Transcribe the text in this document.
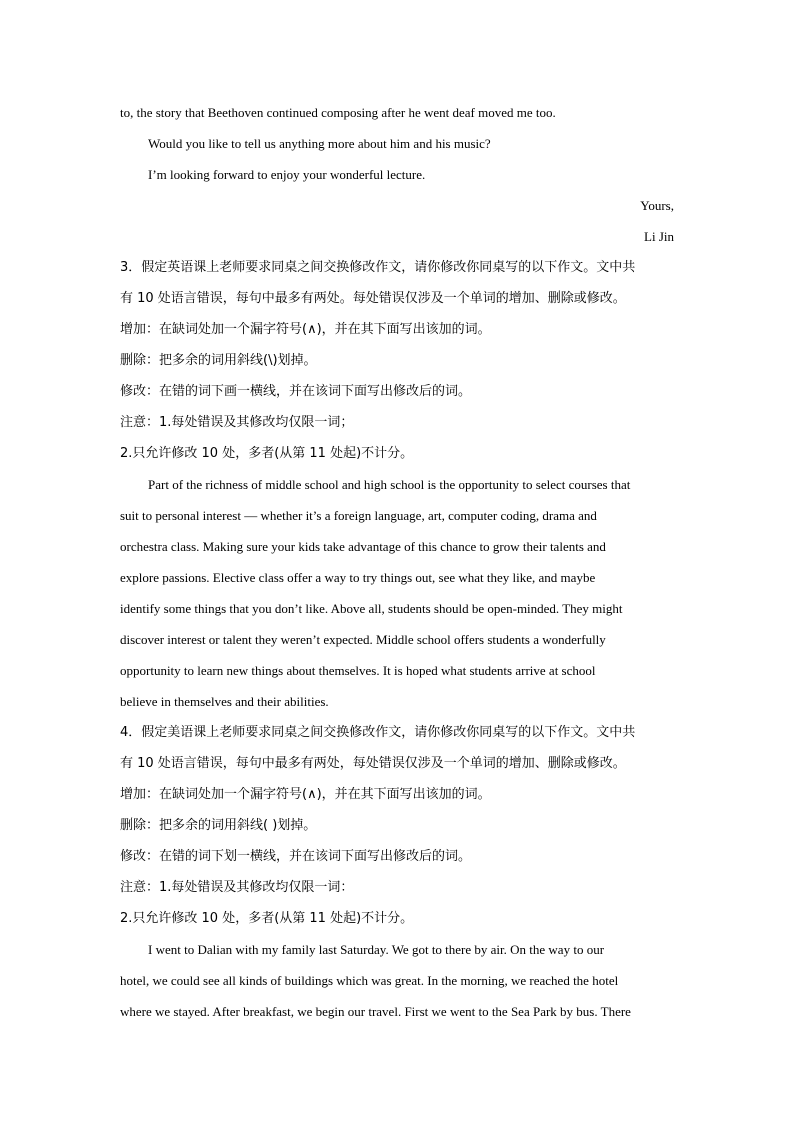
to, the story that Beethoven continued composing after he went deaf moved me too.
Would you like to tell us anything more about him and his music?
I’m looking forward to enjoy your wonderful lecture.
Yours,
Li Jin
3．假定英语课上老师要求同桌之间交换修改作文，请你修改你同桌写的以下作文。文中共
有 10 处语言错误，每句中最多有两处。每处错误仅涉及一个单词的增加、删除或修改。
增加：在缺词处加一个漏字符号(∧)，并在其下面写出该加的词。
删除：把多余的词用斜线(\)划掉。
修改：在错的词下画一横线，并在该词下面写出修改后的词。
注意：1.每处错误及其修改均仅限一词；
2.只允许修改 10 处，多者(从第 11 处起)不计分。
Part of the richness of middle school and high school is the opportunity to select courses that
suit to personal interest — whether it’s a foreign language, art, computer coding, drama and
orchestra class. Making sure your kids take advantage of this chance to grow their talents and
explore passions. Elective class offer a way to try things out, see what they like, and maybe
identify some things that you don’t like. Above all, students should be open-minded. They might
discover interest or talent they weren’t expected. Middle school offers students a wonderfully
opportunity to learn new things about themselves. It is hoped what students arrive at school
believe in themselves and their abilities.
4．假定美语课上老师要求同桌之间交换修改作文，请你修改你同桌写的以下作文。文中共
有 10 处语言错误，每句中最多有两处，每处错误仅涉及一个单词的增加、删除或修改。
增加：在缺词处加一个漏字符号(∧)，并在其下面写出该加的词。
删除：把多余的词用斜线( )划掉。
修改：在错的词下划一横线，并在该词下面写出修改后的词。
注意：1.每处错误及其修改均仅限一词：
2.只允许修改 10 处，多者(从第 11 处起)不计分。
I went to Dalian with my family last Saturday. We got to there by air. On the way to our
hotel, we could see all kinds of buildings which was great. In the morning, we reached the hotel
where we stayed. After breakfast, we begin our travel. First we went to the Sea Park by bus. There
